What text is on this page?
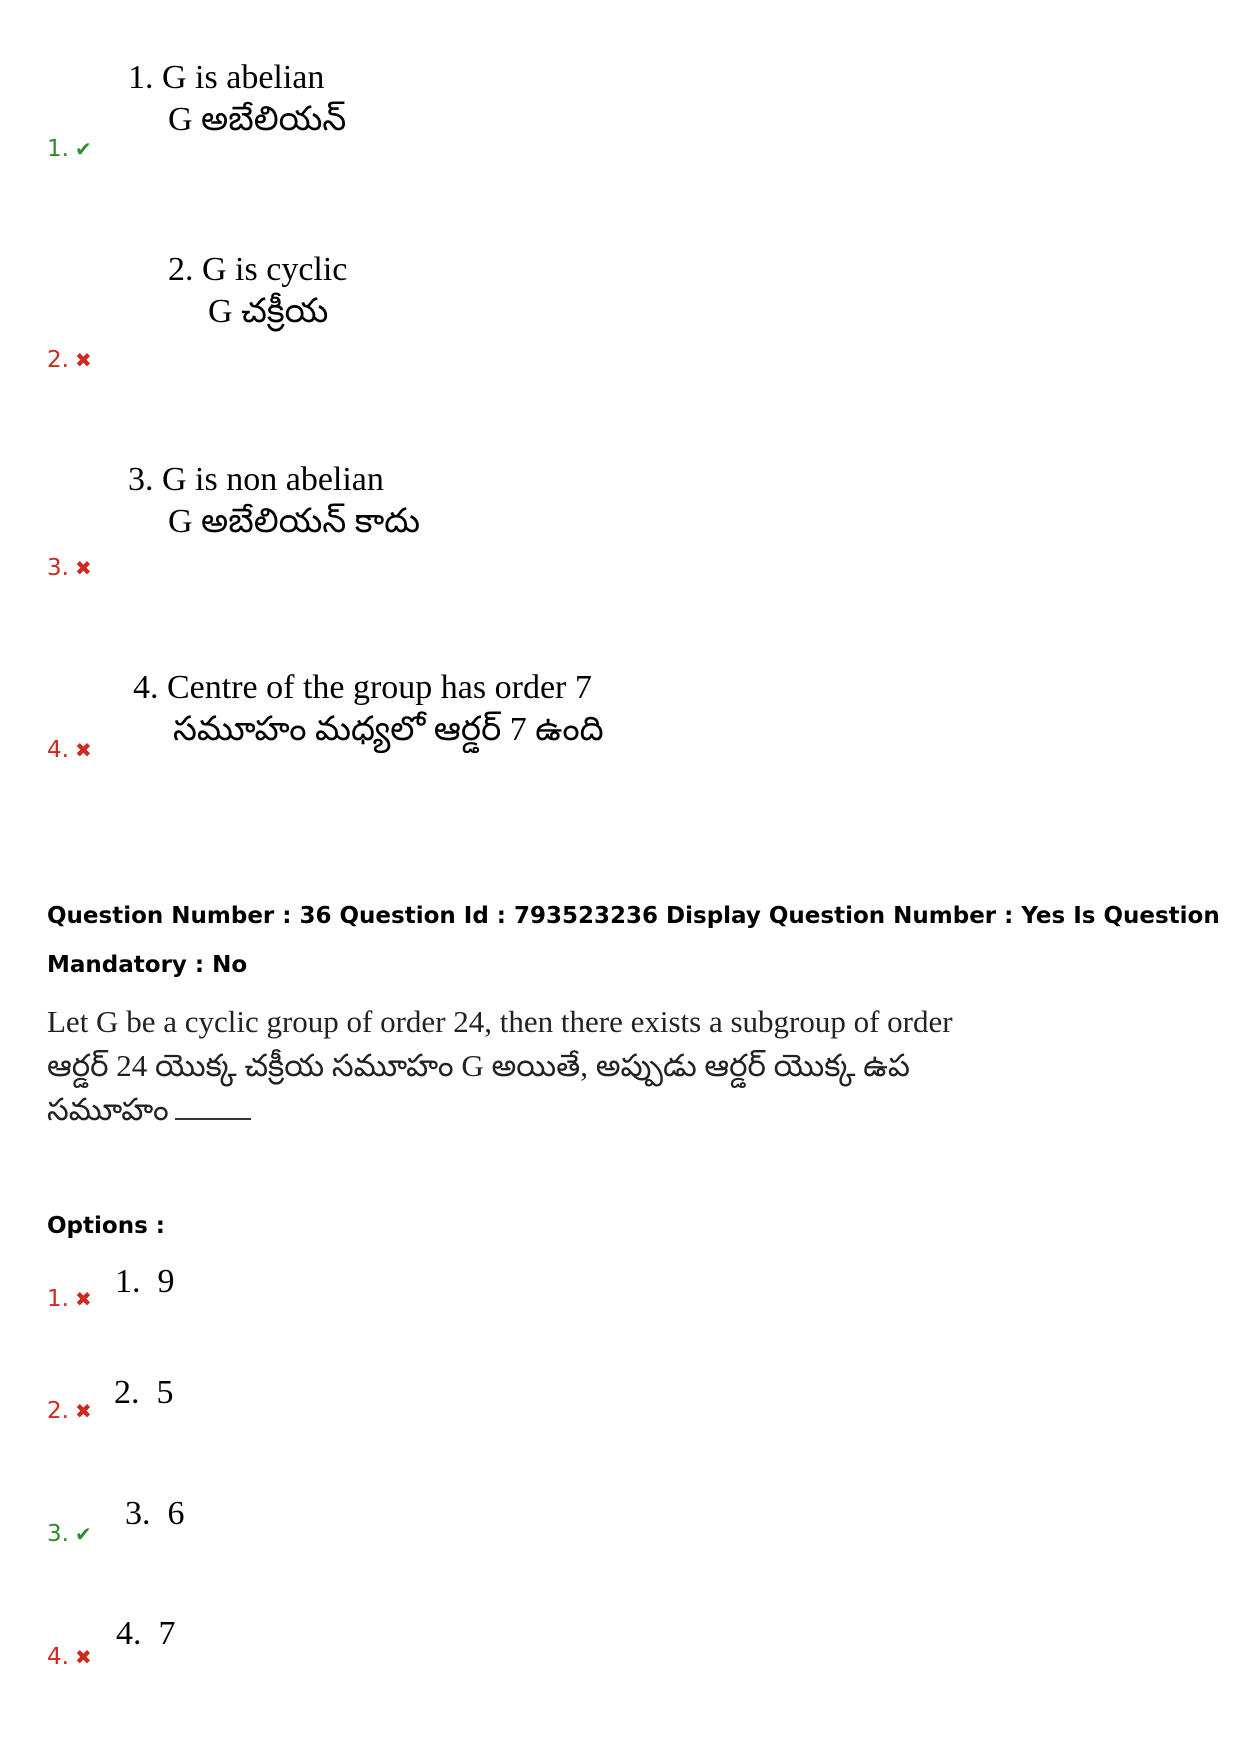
1. G is abelian
G అబేలియన్
1. ✔
2. G is cyclic
G చక్రీయ
2. ✖
3. G is non abelian
G అబేలియన్ కాదు
3. ✖
4. Centre of the group has order 7
సమూహం మధ్యలో ఆర్డర్ 7 ఉంది
4. ✖
Question Number : 36 Question Id : 793523236 Display Question Number : Yes Is Question
Mandatory : No
Let G be a cyclic group of order 24, then there exists a subgroup of order
ఆర్డర్ 24 యొక్క చక్రీయ సమూహం G అయితే, అప్పుడు ఆర్డర్ యొక్క ఉప
సమూహం
Options :
1. ✖ 1.  9
2. ✖ 2.  5
3. ✔
3.  6
4. ✖
4.  7
